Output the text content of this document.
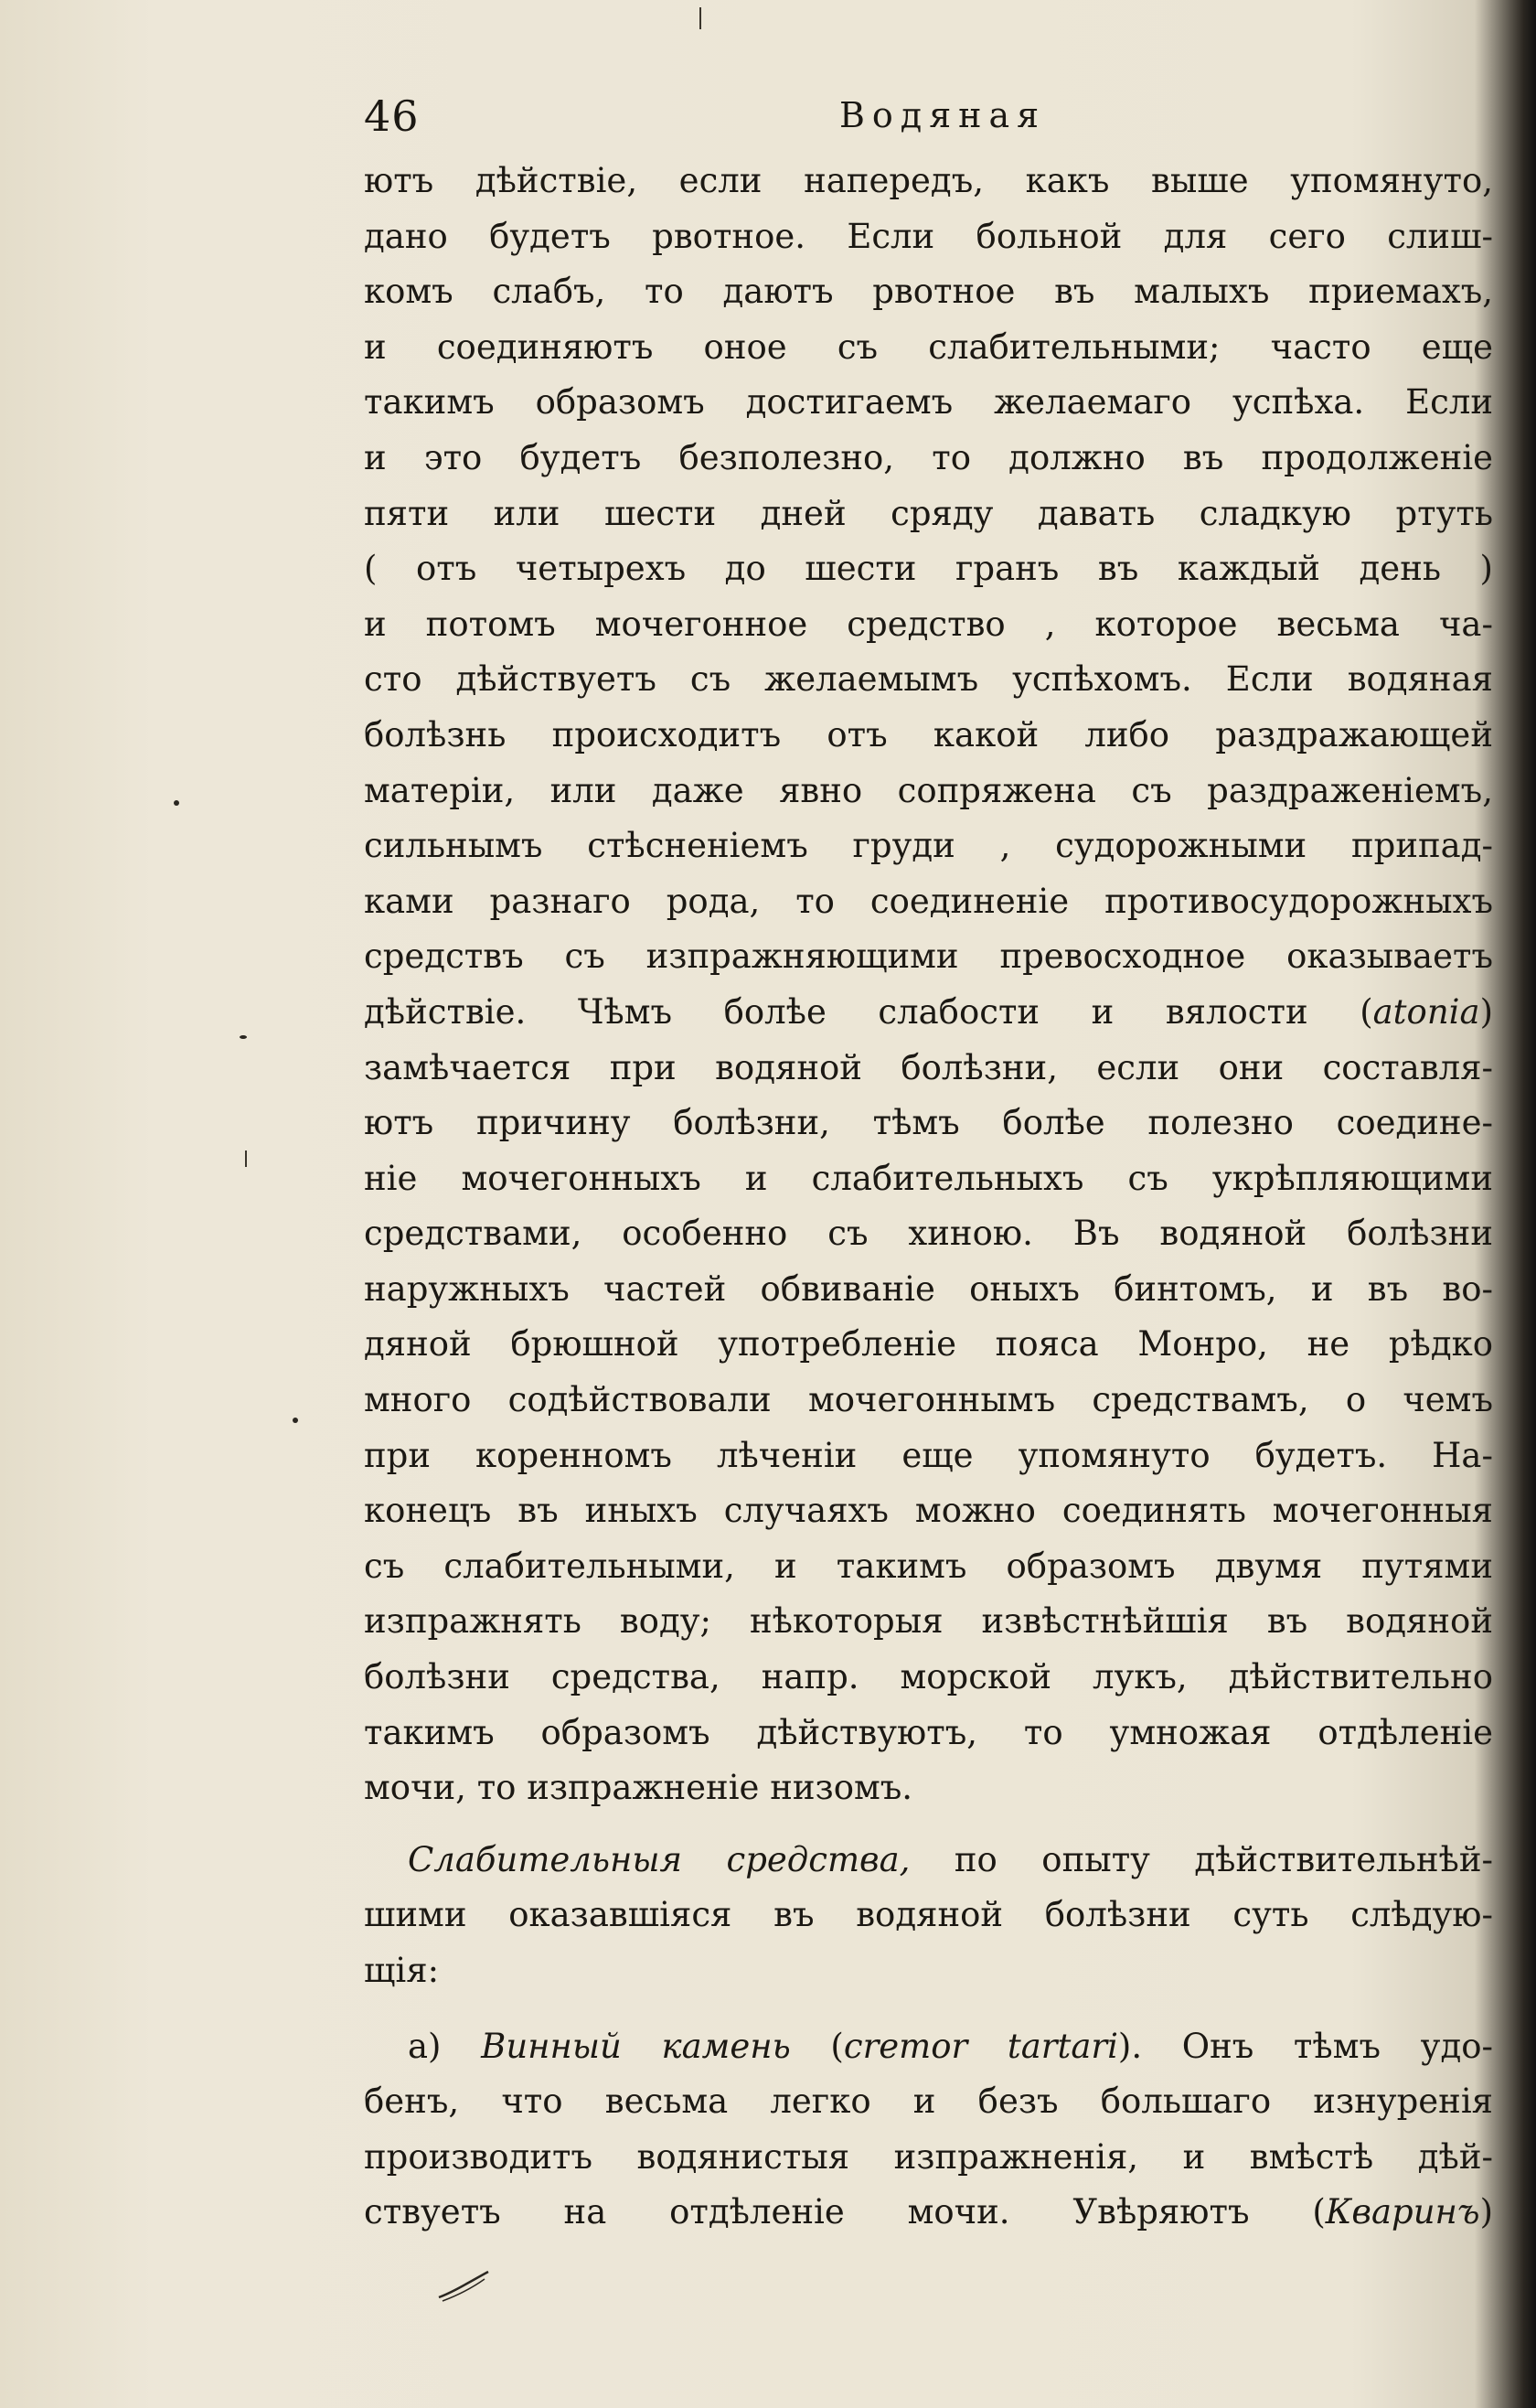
46	Водяная
ютъ дѣйствіе, если напередъ, какъ выше упомянуто,
дано будетъ рвотное. Если больной для сего слиш-
комъ слабъ, то даютъ рвотное въ малыхъ приемахъ,
и соединяютъ оное съ слабительными; часто еще
такимъ образомъ достигаемъ желаемаго успѣха. Если
и это будетъ безполезно, то должно въ продолженіе
пяти или шести дней сряду давать сладкую ртуть
( отъ четырехъ до шести гранъ въ каждый день )
и потомъ мочегонное средство , которое весьма ча-
сто дѣйствуетъ съ желаемымъ успѣхомъ. Если водяная
болѣзнь происходитъ отъ какой либо раздражающей
матеріи, или даже явно сопряжена съ раздраженіемъ,
сильнымъ стѣсненіемъ груди , судорожными припад-
ками разнаго рода, то соединеніе противосудорожныхъ
средствъ съ изпражняющими превосходное оказываетъ
дѣйствіе. Чѣмъ болѣе слабости и вялости (atonia)
замѣчается при водяной болѣзни, если они составля-
ютъ причину болѣзни, тѣмъ болѣе полезно соедине-
ніе мочегонныхъ и слабительныхъ съ укрѣпляющими
средствами, особенно съ хиною. Въ водяной болѣзни
наружныхъ частей обвиваніе оныхъ бинтомъ, и въ во-
дяной брюшной употребленіе пояса Монро, не рѣдко
много содѣйствовали мочегоннымъ средствамъ, о чемъ
при коренномъ лѣченіи еще упомянуто будетъ. На-
конецъ въ иныхъ случаяхъ можно соединять мочегонныя
съ слабительными, и такимъ образомъ двумя путями
изпражнять воду; нѣкоторыя извѣстнѣйшія въ водяной
болѣзни средства, напр. морской лукъ, дѣйствительно
такимъ образомъ дѣйствуютъ, то умножая отдѣленіе
мочи, то изпражненіе низомъ.
Слабительныя средства, по опыту дѣйствительнѣй-
шими оказавшіяся въ водяной болѣзни суть слѣдую-
щія:
a) Винный камень (cremor tartari). Онъ тѣмъ удо-
бенъ, что весьма легко и безъ большаго изнуренія
производитъ водянистыя изпражненія, и вмѣстѣ дѣй-
ствуетъ на отдѣленіе мочи. Увѣряютъ (Кваринъ)
